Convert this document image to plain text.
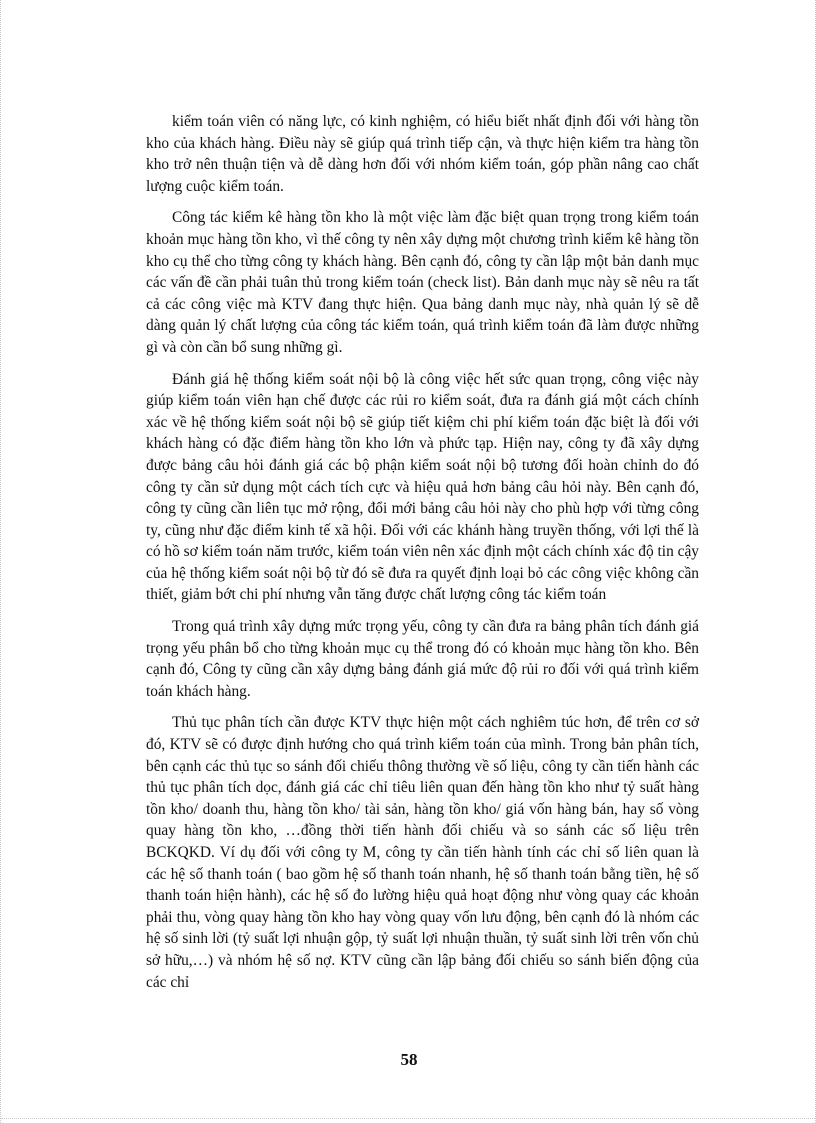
kiểm toán viên có năng lực, có kinh nghiệm, có hiểu biết nhất định đối với hàng tồn kho của khách hàng. Điều này sẽ giúp quá trình tiếp cận, và thực hiện kiểm tra hàng tồn kho trở nên thuận tiện và dễ dàng hơn đối với nhóm kiểm toán, góp phần nâng cao chất lượng cuộc kiểm toán.

Công tác kiểm kê hàng tồn kho là một việc làm đặc biệt quan trọng trong kiểm toán khoản mục hàng tồn kho, vì thế công ty nên xây dựng một chương trình kiểm kê hàng tồn kho cụ thể cho từng công ty khách hàng. Bên cạnh đó, công ty cần lập một bản danh mục các vấn đề cần phải tuân thủ trong kiểm toán (check list). Bản danh mục này sẽ nêu ra tất cả các công việc mà KTV đang thực hiện. Qua bảng danh mục này, nhà quản lý sẽ dễ dàng quản lý chất lượng của công tác kiểm toán, quá trình kiểm toán đã làm được những gì và còn cần bổ sung những gì.

Đánh giá hệ thống kiểm soát nội bộ là công việc hết sức quan trọng, công việc này giúp kiểm toán viên hạn chế được các rủi ro kiểm soát, đưa ra đánh giá một cách chính xác về hệ thống kiểm soát nội bộ sẽ giúp tiết kiệm chi phí kiểm toán đặc biệt là đối với khách hàng có đặc điểm hàng tồn kho lớn và phức tạp. Hiện nay, công ty đã xây dựng được bảng câu hỏi đánh giá các bộ phận kiểm soát nội bộ tương đối hoàn chỉnh do đó công ty cần sử dụng một cách tích cực và hiệu quả hơn bảng câu hỏi này. Bên cạnh đó, công ty cũng cần liên tục mở rộng, đổi mới bảng câu hỏi này cho phù hợp với từng công ty, cũng như đặc điểm kinh tế xã hội. Đối với các khánh hàng truyền thống, với lợi thế là có hồ sơ kiểm toán năm trước, kiểm toán viên nên xác định một cách chính xác độ tin cậy của hệ thống kiểm soát nội bộ từ đó sẽ đưa ra quyết định loại bỏ các công việc không cần thiết, giảm bớt chi phí nhưng vẫn tăng được chất lượng công tác kiểm toán

Trong quá trình xây dựng mức trọng yếu, công ty cần đưa ra bảng phân tích đánh giá trọng yếu phân bổ cho từng khoản mục cụ thể trong đó có khoản mục hàng tồn kho. Bên cạnh đó, Công ty cũng cần xây dựng bảng đánh giá mức độ rủi ro đối với quá trình kiểm toán khách hàng.

Thủ tục phân tích cần được KTV thực hiện một cách nghiêm túc hơn, để trên cơ sở đó, KTV sẽ có được định hướng cho quá trình kiểm toán của mình. Trong bản phân tích, bên cạnh các thủ tục so sánh đối chiếu thông thường về số liệu, công ty cần tiến hành các thủ tục phân tích dọc, đánh giá các chỉ tiêu liên quan đến hàng tồn kho như tỷ suất hàng tồn kho/ doanh thu, hàng tồn kho/ tài sản, hàng tồn kho/ giá vốn hàng bán, hay số vòng quay hàng tồn kho, …đồng thời tiến hành đối chiếu và so sánh các số liệu trên BCKQKD. Ví dụ đối với công ty M, công ty cần tiến hành tính các chỉ số liên quan là các hệ số thanh toán ( bao gồm hệ số thanh toán nhanh, hệ số thanh toán bằng tiền, hệ số thanh toán hiện hành), các hệ số đo lường hiệu quả hoạt động như vòng quay các khoản phải thu, vòng quay hàng tồn kho hay vòng quay vốn lưu động, bên cạnh đó là nhóm các hệ số sinh lời (tỷ suất lợi nhuận gộp, tỷ suất lợi nhuận thuần, tỷ suất sinh lời trên vốn chủ sở hữu,…) và nhóm hệ số nợ. KTV cũng cần lập bảng đối chiếu so sánh biến động của các chỉ

58
